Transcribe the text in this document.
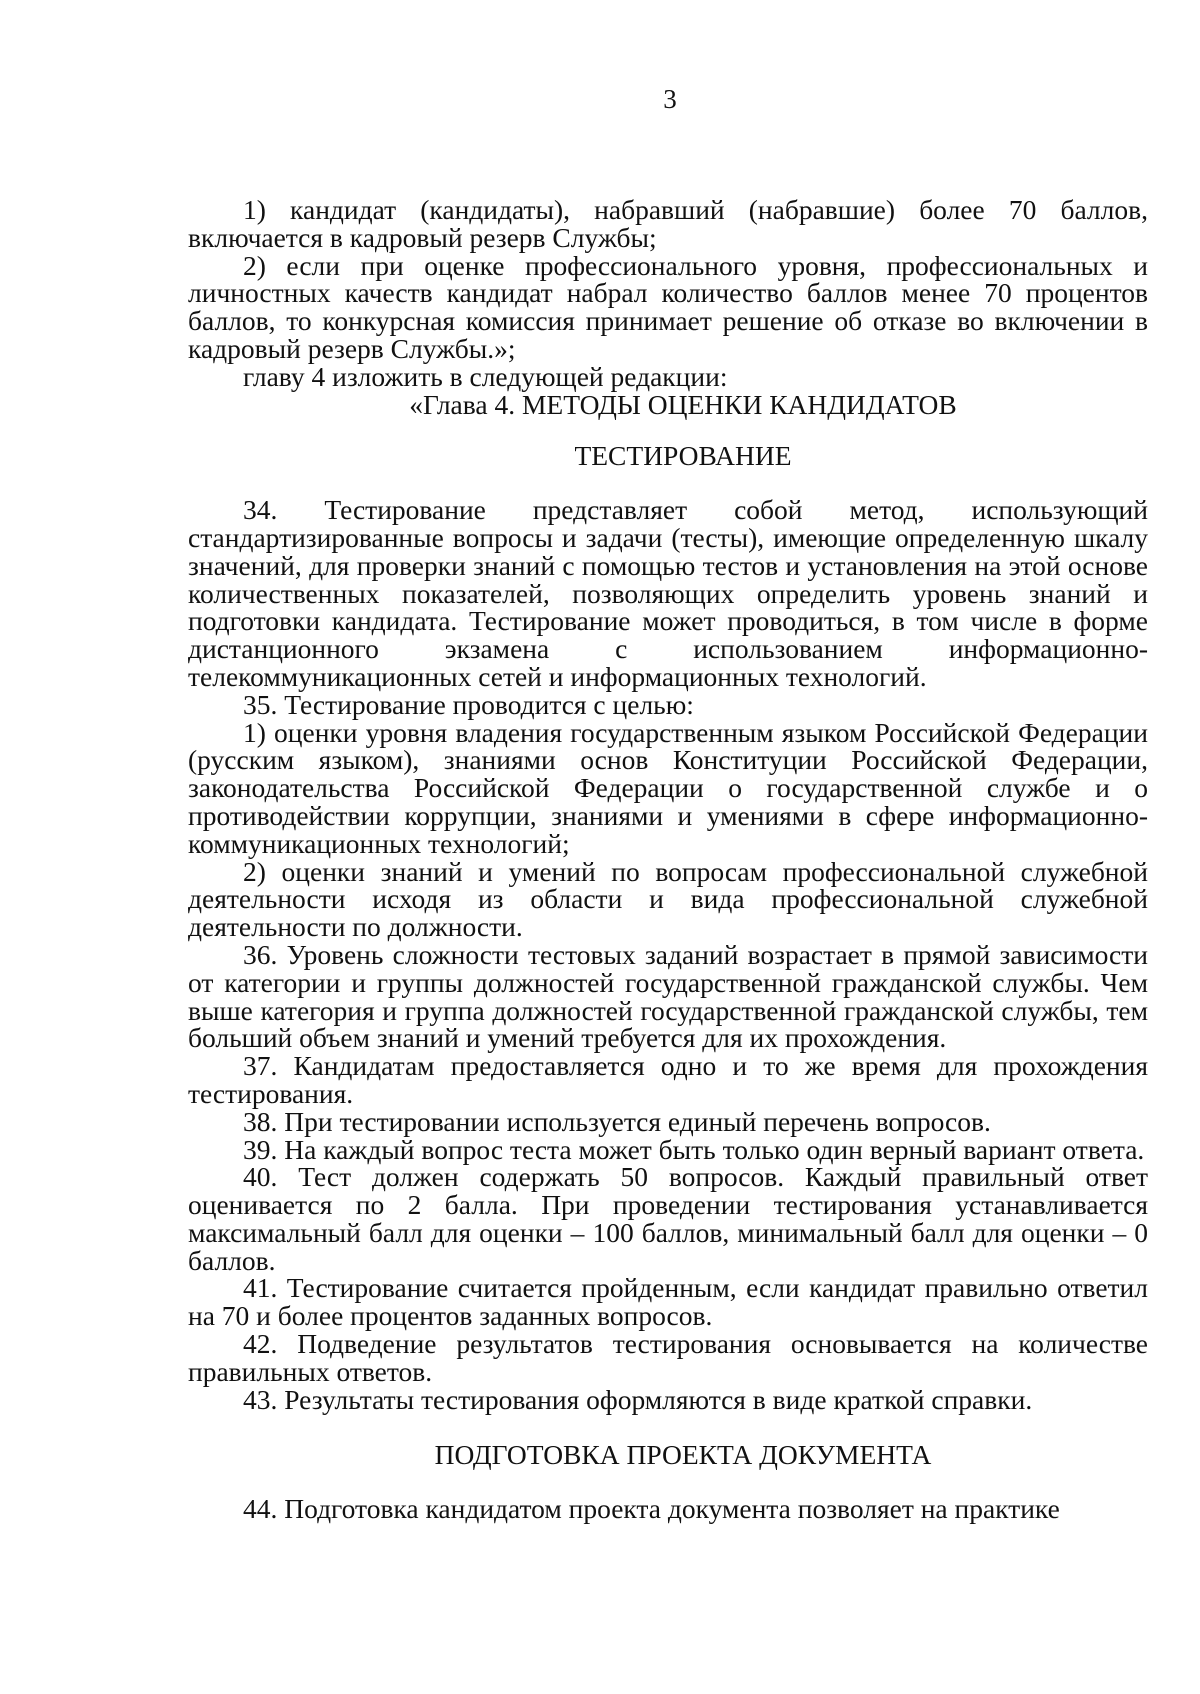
3

1) кандидат (кандидаты), набравший (набравшие) более 70 баллов, включается в кадровый резерв Службы;

2) если при оценке профессионального уровня, профессиональных и личностных качеств кандидат набрал количество баллов менее 70 процентов баллов, то конкурсная комиссия принимает решение об отказе во включении в кадровый резерв Службы.»;

главу 4 изложить в следующей редакции:

«Глава 4. МЕТОДЫ ОЦЕНКИ КАНДИДАТОВ

ТЕСТИРОВАНИЕ

34. Тестирование представляет собой метод, использующий стандартизированные вопросы и задачи (тесты), имеющие определенную шкалу значений, для проверки знаний с помощью тестов и установления на этой основе количественных показателей, позволяющих определить уровень знаний и подготовки кандидата. Тестирование может проводиться, в том числе в форме дистанционного экзамена с использованием информационно-телекоммуникационных сетей и информационных технологий.

35. Тестирование проводится с целью:

1) оценки уровня владения государственным языком Российской Федерации (русским языком), знаниями основ Конституции Российской Федерации, законодательства Российской Федерации о государственной службе и о противодействии коррупции, знаниями и умениями в сфере информационно-коммуникационных технологий;

2) оценки знаний и умений по вопросам профессиональной служебной деятельности исходя из области и вида профессиональной служебной деятельности по должности.

36. Уровень сложности тестовых заданий возрастает в прямой зависимости от категории и группы должностей государственной гражданской службы. Чем выше категория и группа должностей государственной гражданской службы, тем больший объем знаний и умений требуется для их прохождения.

37. Кандидатам предоставляется одно и то же время для прохождения тестирования.

38. При тестировании используется единый перечень вопросов.

39. На каждый вопрос теста может быть только один верный вариант ответа.

40. Тест должен содержать 50 вопросов. Каждый правильный ответ оценивается по 2 балла. При проведении тестирования устанавливается максимальный балл для оценки – 100 баллов, минимальный балл для оценки – 0 баллов.

41. Тестирование считается пройденным, если кандидат правильно ответил на 70 и более процентов заданных вопросов.

42. Подведение результатов тестирования основывается на количестве правильных ответов.

43. Результаты тестирования оформляются в виде краткой справки.

ПОДГОТОВКА ПРОЕКТА ДОКУМЕНТА

44. Подготовка кандидатом проекта документа позволяет на практике
